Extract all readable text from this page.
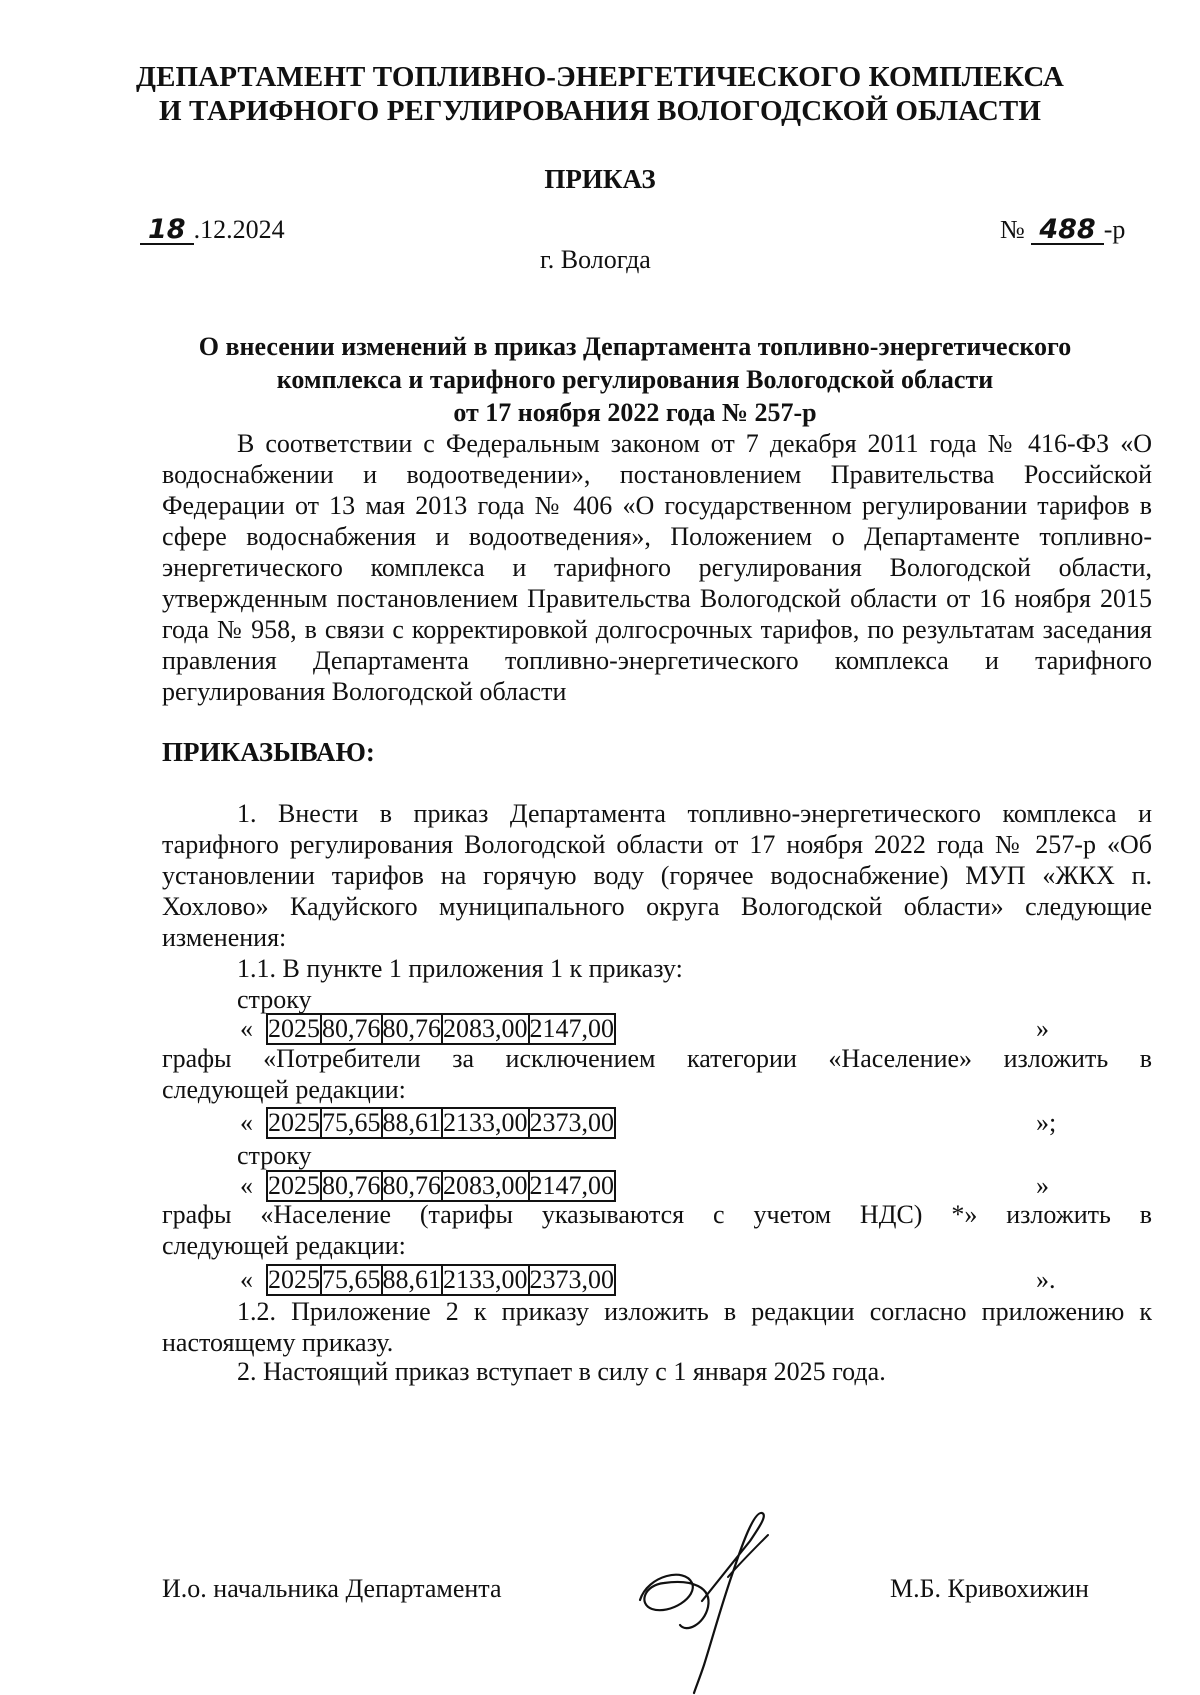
ДЕПАРТАМЕНТ ТОПЛИВНО-ЭНЕРГЕТИЧЕСКОГО КОМПЛЕКСА
И ТАРИФНОГО РЕГУЛИРОВАНИЯ ВОЛОГОДСКОЙ ОБЛАСТИ
ПРИКАЗ
18 .12.2024	№ 488 -р
г. Вологда
О внесении изменений в приказ Департамента топливно-энергетического
комплекса и тарифного регулирования Вологодской области
от 17 ноября 2022 года № 257-р
В соответствии с Федеральным законом от 7 декабря 2011 года № 416-ФЗ «О водоснабжении и водоотведении», постановлением Правительства Российской Федерации от 13 мая 2013 года № 406 «О государственном регулировании тарифов в сфере водоснабжения и водоотведения», Положением о Департаменте топливно-энергетического комплекса и тарифного регулирования Вологодской области, утвержденным постановлением Правительства Вологодской области от 16 ноября 2015 года № 958, в связи с корректировкой долгосрочных тарифов, по результатам заседания правления Департамента топливно-энергетического комплекса и тарифного регулирования Вологодской области
ПРИКАЗЫВАЮ:
1. Внести в приказ Департамента топливно-энергетического комплекса и тарифного регулирования Вологодской области от 17 ноября 2022 года № 257-р «Об установлении тарифов на горячую воду (горячее водоснабжение) МУП «ЖКХ п. Хохлово» Кадуйского муниципального округа Вологодской области» следующие изменения:
1.1. В пункте 1 приложения 1 к приказу:
строку
« 2025	80,76	80,76	2083,00	2147,00	»
графы «Потребители за исключением категории «Население» изложить в
следующей редакции:
« 2025	75,65	88,61	2133,00	2373,00	»;
строку
« 2025	80,76	80,76	2083,00	2147,00	»
графы «Население (тарифы указываются с учетом НДС) *» изложить в
следующей редакции:
« 2025	75,65	88,61	2133,00	2373,00	».
1.2. Приложение 2 к приказу изложить в редакции согласно приложению к настоящему приказу.
2. Настоящий приказ вступает в силу с 1 января 2025 года.
И.о. начальника Департамента	М.Б. Кривохижин
